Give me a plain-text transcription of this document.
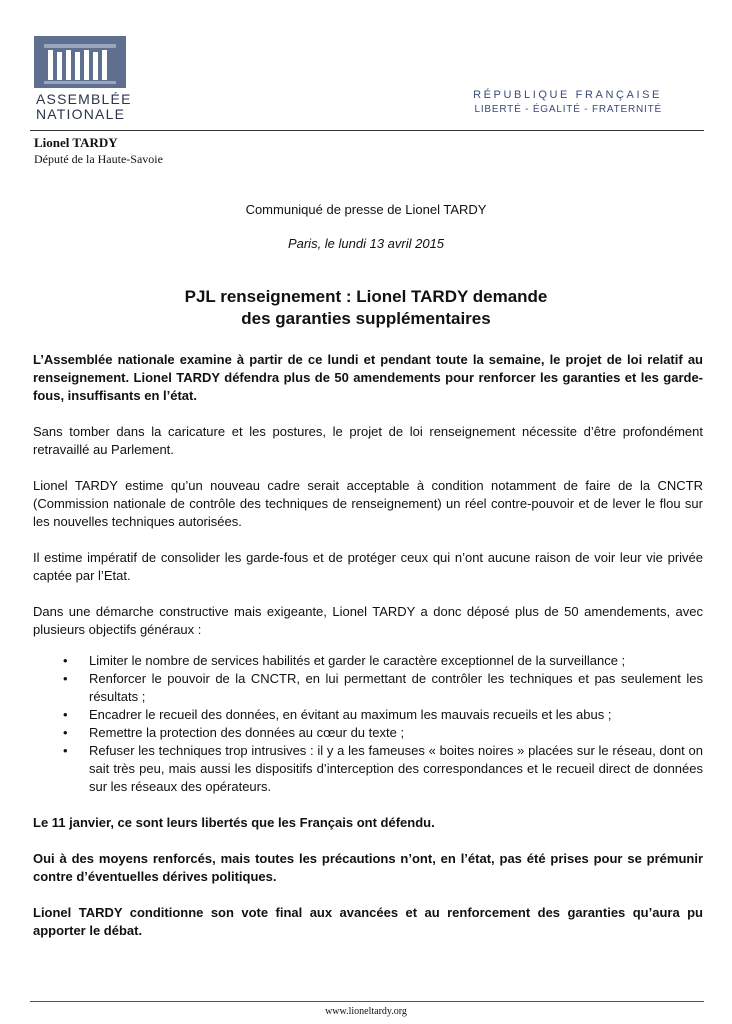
ASSEMBLÉE
NATIONALE
RÉPUBLIQUE FRANÇAISE
LIBERTÉ - ÉGALITÉ - FRATERNITÉ
Lionel TARDY
Député de la Haute-Savoie
Communiqué de presse de Lionel TARDY
Paris, le lundi 13 avril 2015
PJL renseignement : Lionel TARDY demande
des garanties supplémentaires

L’Assemblée nationale examine à partir de ce lundi et pendant toute la semaine, le projet de loi relatif au renseignement. Lionel TARDY défendra plus de 50 amendements pour renforcer les garanties et les garde-fous, insuffisants en l’état.

Sans tomber dans la caricature et les postures, le projet de loi renseignement nécessite d’être profondément retravaillé au Parlement.

Lionel TARDY estime qu’un nouveau cadre serait acceptable à condition notamment de faire de la CNCTR (Commission nationale de contrôle des techniques de renseignement) un réel contre-pouvoir et de lever le flou sur les nouvelles techniques autorisées.

Il estime impératif de consolider les garde-fous et de protéger ceux qui n’ont aucune raison de voir leur vie privée captée par l’Etat.

Dans une démarche constructive mais exigeante, Lionel TARDY a donc déposé plus de 50 amendements, avec plusieurs objectifs généraux :

• Limiter le nombre de services habilités et garder le caractère exceptionnel de la surveillance ;
• Renforcer le pouvoir de la CNCTR, en lui permettant de contrôler les techniques et pas seulement les résultats ;
• Encadrer le recueil des données, en évitant au maximum les mauvais recueils et les abus ;
• Remettre la protection des données au cœur du texte ;
• Refuser les techniques trop intrusives : il y a les fameuses « boites noires » placées sur le réseau, dont on sait très peu, mais aussi les dispositifs d’interception des correspondances et le recueil direct de données sur les réseaux des opérateurs.

Le 11 janvier, ce sont leurs libertés que les Français ont défendu.

Oui à des moyens renforcés, mais toutes les précautions n’ont, en l’état, pas été prises pour se prémunir contre d’éventuelles dérives politiques.

Lionel TARDY conditionne son vote final aux avancées et au renforcement des garanties qu’aura pu apporter le débat.

www.lioneltardy.org
